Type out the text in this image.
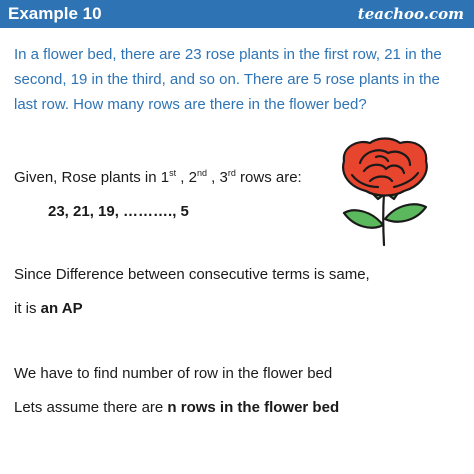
Example 10	teachoo.com
In a flower bed, there are 23 rose plants in the first row, 21 in the second, 19 in the third, and so on. There are 5 rose plants in the last row. How many rows are there in the flower bed?
Given, Rose plants in 1st , 2nd , 3rd rows are:
23, 21, 19, ………., 5
Since Difference between consecutive terms is same,
it is an AP
We have to find number of row in the flower bed
Lets assume there are n rows in the flower bed
